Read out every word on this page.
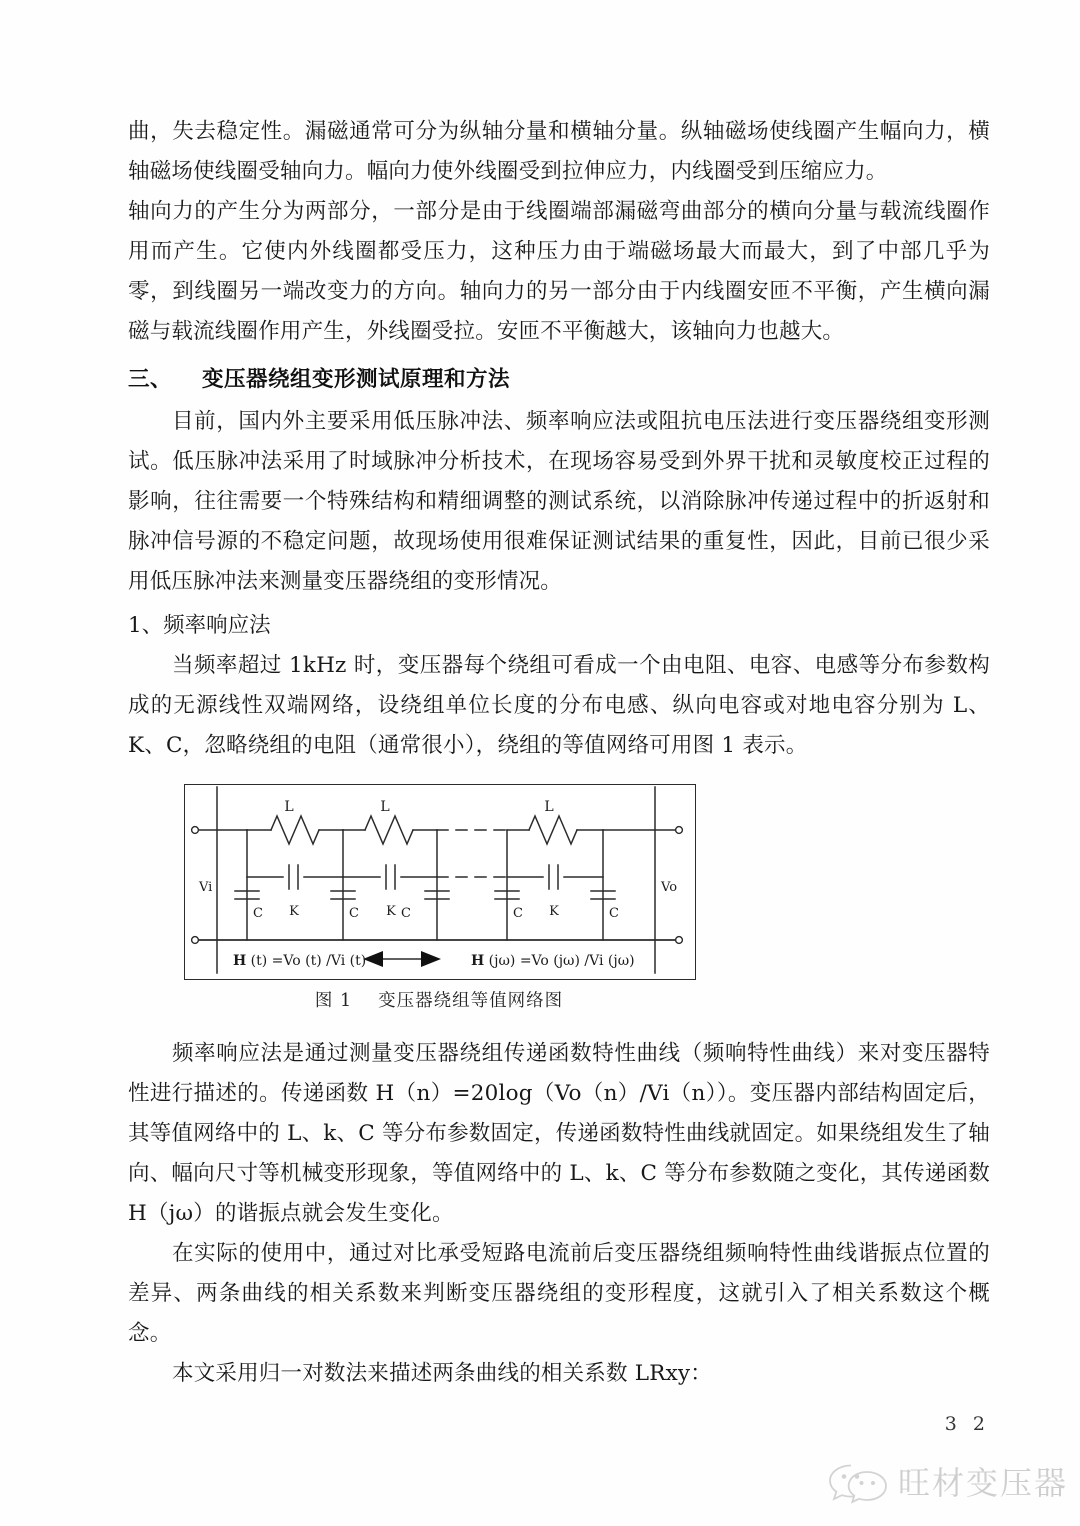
曲，失去稳定性。漏磁通常可分为纵轴分量和横轴分量。纵轴磁场使线圈产生幅向力，横轴磁场使线圈受轴向力。幅向力使外线圈受到拉伸应力，内线圈受到压缩应力。

轴向力的产生分为两部分，一部分是由于线圈端部漏磁弯曲部分的横向分量与载流线圈作用而产生。它使内外线圈都受压力，这种压力由于端磁场最大而最大，到了中部几乎为零，到线圈另一端改变力的方向。轴向力的另一部分由于内线圈安匝不平衡，产生横向漏磁与载流线圈作用产生，外线圈受拉。安匝不平衡越大，该轴向力也越大。

三、 变压器绕组变形测试原理和方法

目前，国内外主要采用低压脉冲法、频率响应法或阻抗电压法进行变压器绕组变形测试。低压脉冲法采用了时域脉冲分析技术，在现场容易受到外界干扰和灵敏度校正过程的影响，往往需要一个特殊结构和精细调整的测试系统，以消除脉冲传递过程中的折返射和脉冲信号源的不稳定问题，故现场使用很难保证测试结果的重复性，因此，目前已很少采用低压脉冲法来测量变压器绕组的变形情况。

1、频率响应法

当频率超过 1kHz 时，变压器每个绕组可看成一个由电阻、电容、电感等分布参数构成的无源线性双端网络，设绕组单位长度的分布电感、纵向电容或对地电容分别为 L、K、C，忽略绕组的电阻（通常很小），绕组的等值网络可用图 1 表示。

Vi	Vo
L	L	L
K	K	K
C	C	C	C	C
H (t) =Vo (t) /Vi (t)	H (jω) =Vo (jω) /Vi (jω)
图 1 变压器绕组等值网络图

频率响应法是通过测量变压器绕组传递函数特性曲线（频响特性曲线）来对变压器特性进行描述的。传递函数 H（n）=20log（Vo（n）/Vi（n））。变压器内部结构固定后，其等值网络中的 L、k、C 等分布参数固定，传递函数特性曲线就固定。如果绕组发生了轴向、幅向尺寸等机械变形现象，等值网络中的 L、k、C 等分布参数随之变化，其传递函数 H（jω）的谐振点就会发生变化。

在实际的使用中，通过对比承受短路电流前后变压器绕组频响特性曲线谐振点位置的差异、两条曲线的相关系数来判断变压器绕组的变形程度，这就引入了相关系数这个概念。

本文采用归一对数法来描述两条曲线的相关系数 LRxy：

3 2
旺材变压器
